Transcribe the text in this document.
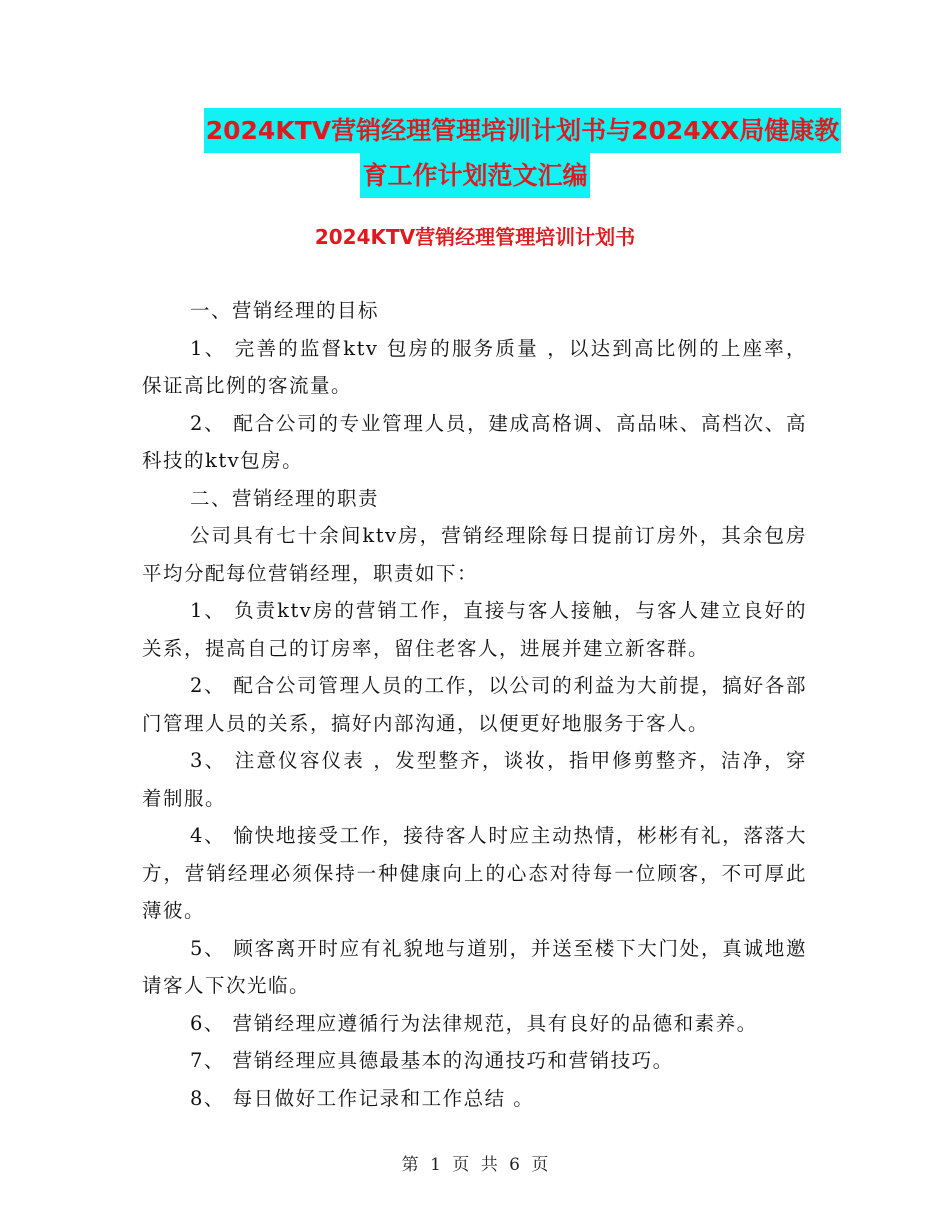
2024KTV营销经理管理培训计划书与2024XX局健康教
育工作计划范文汇编
2024KTV营销经理管理培训计划书

一、营销经理的目标

1、 完善的监督ktv 包房的服务质量 ，以达到高比例的上座率，保证高比例的客流量。

2、 配合公司的专业管理人员，建成高格调、高品味、高档次、高科技的ktv包房。

二、营销经理的职责

公司具有七十余间ktv房，营销经理除每日提前订房外，其余包房平均分配每位营销经理，职责如下：

1、 负责ktv房的营销工作，直接与客人接触，与客人建立良好的关系，提高自己的订房率，留住老客人，进展并建立新客群。

2、 配合公司管理人员的工作，以公司的利益为大前提，搞好各部门管理人员的关系，搞好内部沟通，以便更好地服务于客人。

3、 注意仪容仪表 ，发型整齐，谈妆，指甲修剪整齐，洁净，穿着制服。

4、 愉快地接受工作，接待客人时应主动热情，彬彬有礼，落落大方，营销经理必须保持一种健康向上的心态对待每一位顾客，不可厚此薄彼。

5、 顾客离开时应有礼貌地与道别，并送至楼下大门处，真诚地邀请客人下次光临。

6、 营销经理应遵循行为法律规范，具有良好的品德和素养。

7、 营销经理应具德最基本的沟通技巧和营销技巧。

8、 每日做好工作记录和工作总结 。

第 1 页 共 6 页
